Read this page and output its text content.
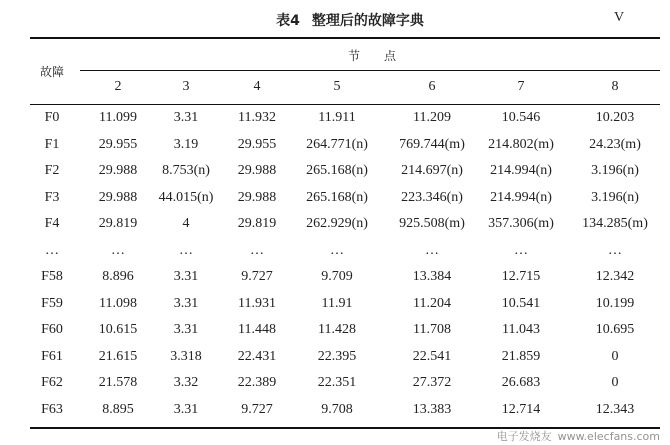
表4 整理后的故障字典	V
故障
节　　点
2	3	4	5	6	7	8
F0	11.099	3.31	11.932	11.911	11.209	10.546	10.203
F1	29.955	3.19	29.955 264.771(n) 769.744(m) 214.802(m)	24.23(m)
F2	29.988 8.753(n) 29.988 265.168(n) 214.697(n) 214.994(n)	3.196(n)
F3	29.988 44.015(n) 29.988 265.168(n) 223.346(n) 214.994(n)	3.196(n)
F4	29.819	4	29.819 262.929(n) 925.508(m) 357.306(m) 134.285(m)
…	…	…	…	…	…	…	…
F58	8.896	3.31	9.727	9.709	13.384	12.715	12.342
F59	11.098	3.31	11.931	11.91	11.204	10.541	10.199
F60	10.615	3.31	11.448	11.428	11.708	11.043	10.695
F61	21.615 3.318	22.431	22.395	22.541	21.859	0
F62	21.578	3.32	22.389	22.351	27.372	26.683	0
F63	8.895	3.31	9.727	9.708	13.383	12.714	12.343
电子发烧友 www.elecfans.com
